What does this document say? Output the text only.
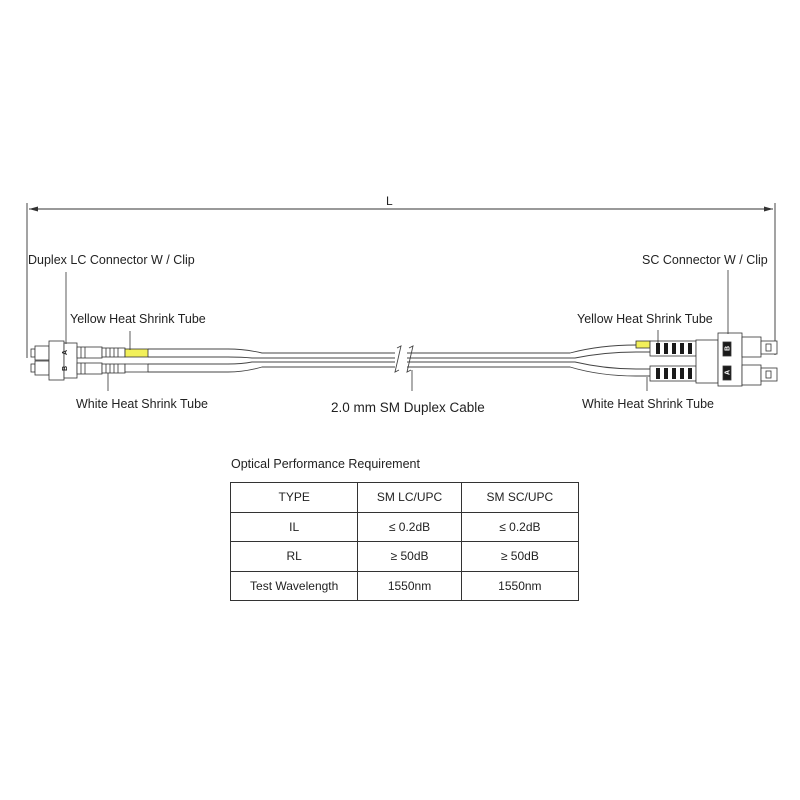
L
A
B
B
A
Duplex LC Connector W / Clip
Yellow Heat Shrink Tube
White Heat Shrink Tube	2.0 mm SM Duplex Cable
SC Connector W / Clip
Yellow Heat Shrink Tube
White Heat Shrink Tube
Optical Performance Requirement
TYPE	SM LC/UPC	SM SC/UPC
IL	≤ 0.2dB	≤ 0.2dB
RL	≥ 50dB	≥ 50dB
Test Wavelength	1550nm	1550nm
